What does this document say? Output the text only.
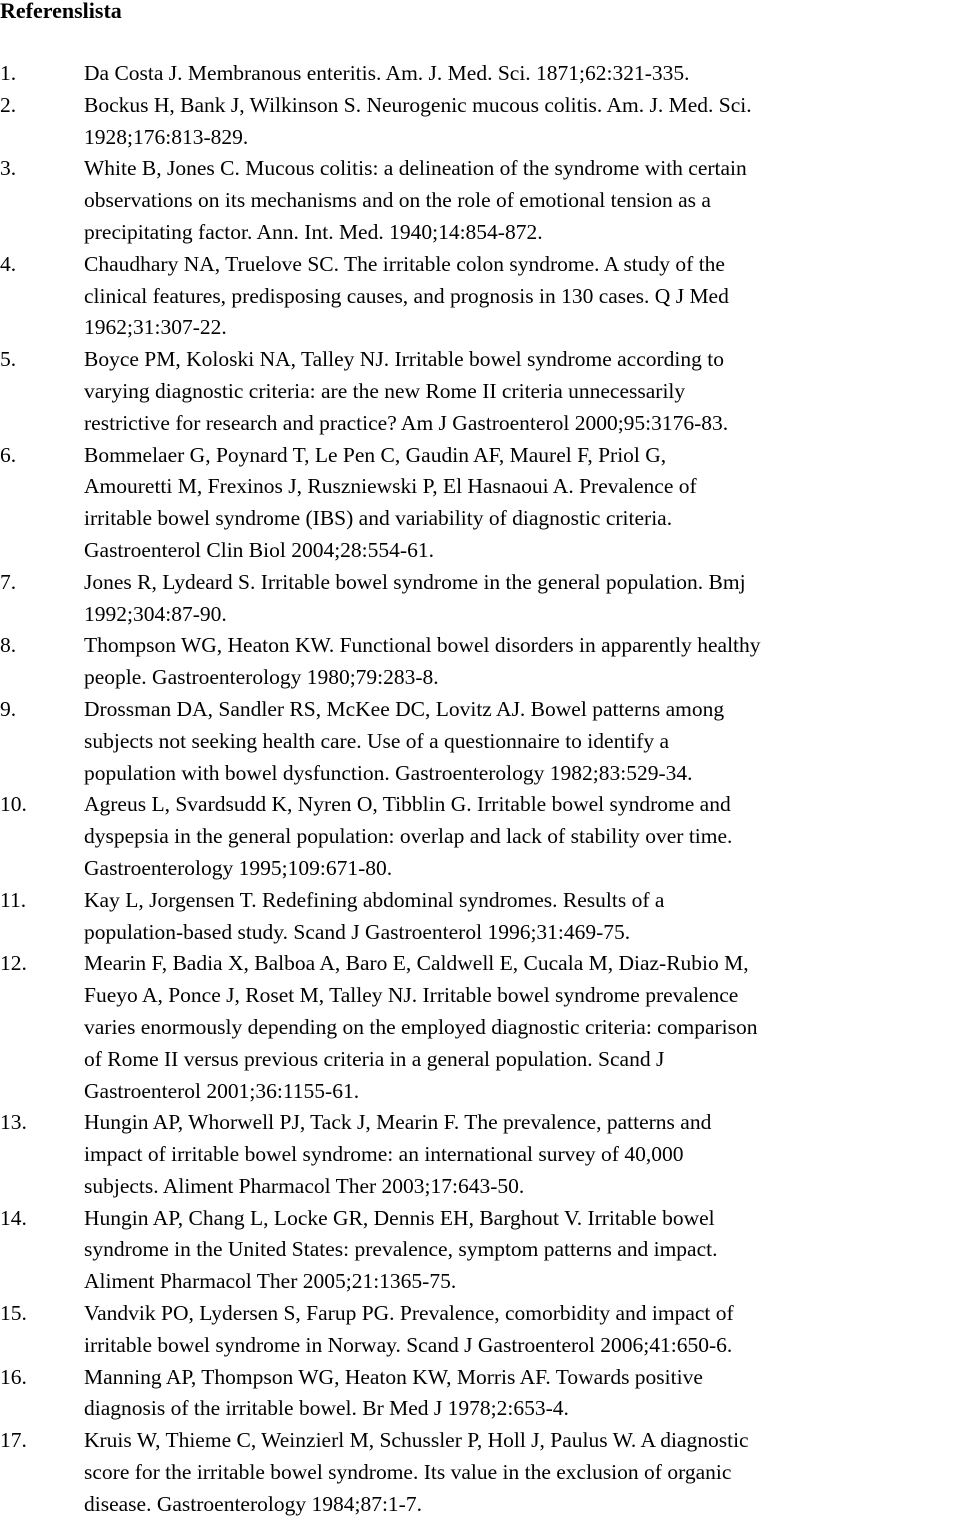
Referenslista
1.	Da Costa J. Membranous enteritis. Am. J. Med. Sci. 1871;62:321-335.
2.	Bockus H, Bank J, Wilkinson S. Neurogenic mucous colitis. Am. J. Med. Sci.
1928;176:813-829.
3.	White B, Jones C. Mucous colitis: a delineation of the syndrome with certain
observations on its mechanisms and on the role of emotional tension as a
precipitating factor. Ann. Int. Med. 1940;14:854-872.
4.	Chaudhary NA, Truelove SC. The irritable colon syndrome. A study of the
clinical features, predisposing causes, and prognosis in 130 cases. Q J Med
1962;31:307-22.
5.	Boyce PM, Koloski NA, Talley NJ. Irritable bowel syndrome according to
varying diagnostic criteria: are the new Rome II criteria unnecessarily
restrictive for research and practice? Am J Gastroenterol 2000;95:3176-83.
6.	Bommelaer G, Poynard T, Le Pen C, Gaudin AF, Maurel F, Priol G,
Amouretti M, Frexinos J, Ruszniewski P, El Hasnaoui A. Prevalence of
irritable bowel syndrome (IBS) and variability of diagnostic criteria.
Gastroenterol Clin Biol 2004;28:554-61.
7.	Jones R, Lydeard S. Irritable bowel syndrome in the general population. Bmj
1992;304:87-90.
8.	Thompson WG, Heaton KW. Functional bowel disorders in apparently healthy
people. Gastroenterology 1980;79:283-8.
9.	Drossman DA, Sandler RS, McKee DC, Lovitz AJ. Bowel patterns among
subjects not seeking health care. Use of a questionnaire to identify a
population with bowel dysfunction. Gastroenterology 1982;83:529-34.
10.	Agreus L, Svardsudd K, Nyren O, Tibblin G. Irritable bowel syndrome and
dyspepsia in the general population: overlap and lack of stability over time.
Gastroenterology 1995;109:671-80.
11.	Kay L, Jorgensen T. Redefining abdominal syndromes. Results of a
population-based study. Scand J Gastroenterol 1996;31:469-75.
12.	Mearin F, Badia X, Balboa A, Baro E, Caldwell E, Cucala M, Diaz-Rubio M,
Fueyo A, Ponce J, Roset M, Talley NJ. Irritable bowel syndrome prevalence
varies enormously depending on the employed diagnostic criteria: comparison
of Rome II versus previous criteria in a general population. Scand J
Gastroenterol 2001;36:1155-61.
13.	Hungin AP, Whorwell PJ, Tack J, Mearin F. The prevalence, patterns and
impact of irritable bowel syndrome: an international survey of 40,000
subjects. Aliment Pharmacol Ther 2003;17:643-50.
14.	Hungin AP, Chang L, Locke GR, Dennis EH, Barghout V. Irritable bowel
syndrome in the United States: prevalence, symptom patterns and impact.
Aliment Pharmacol Ther 2005;21:1365-75.
15.	Vandvik PO, Lydersen S, Farup PG. Prevalence, comorbidity and impact of
irritable bowel syndrome in Norway. Scand J Gastroenterol 2006;41:650-6.
16.	Manning AP, Thompson WG, Heaton KW, Morris AF. Towards positive
diagnosis of the irritable bowel. Br Med J 1978;2:653-4.
17.	Kruis W, Thieme C, Weinzierl M, Schussler P, Holl J, Paulus W. A diagnostic
score for the irritable bowel syndrome. Its value in the exclusion of organic
disease. Gastroenterology 1984;87:1-7.
